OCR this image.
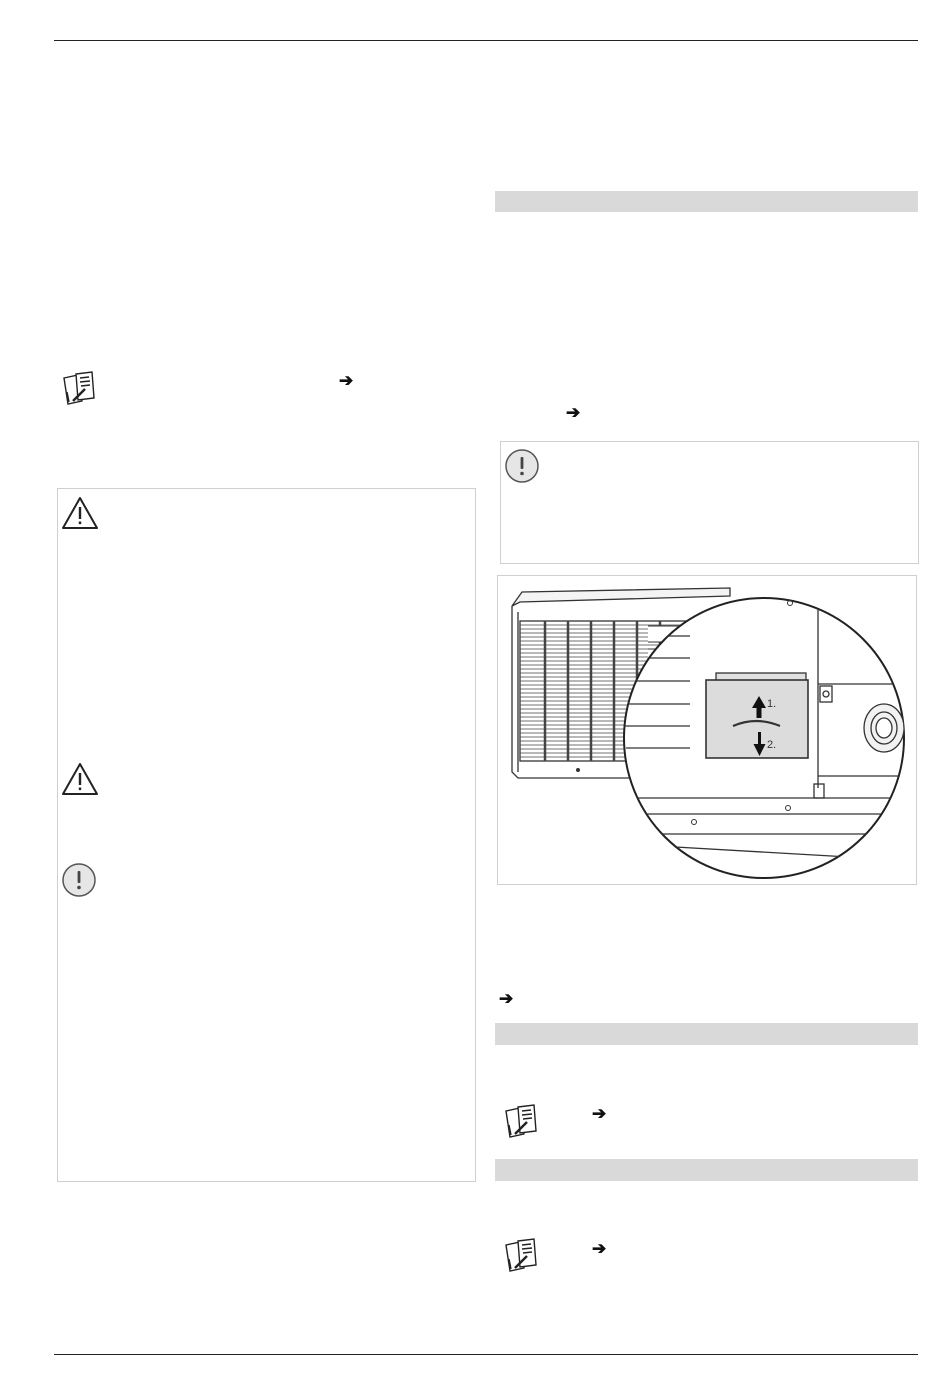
➔
➔
1.
2.
➔
➔
➔
